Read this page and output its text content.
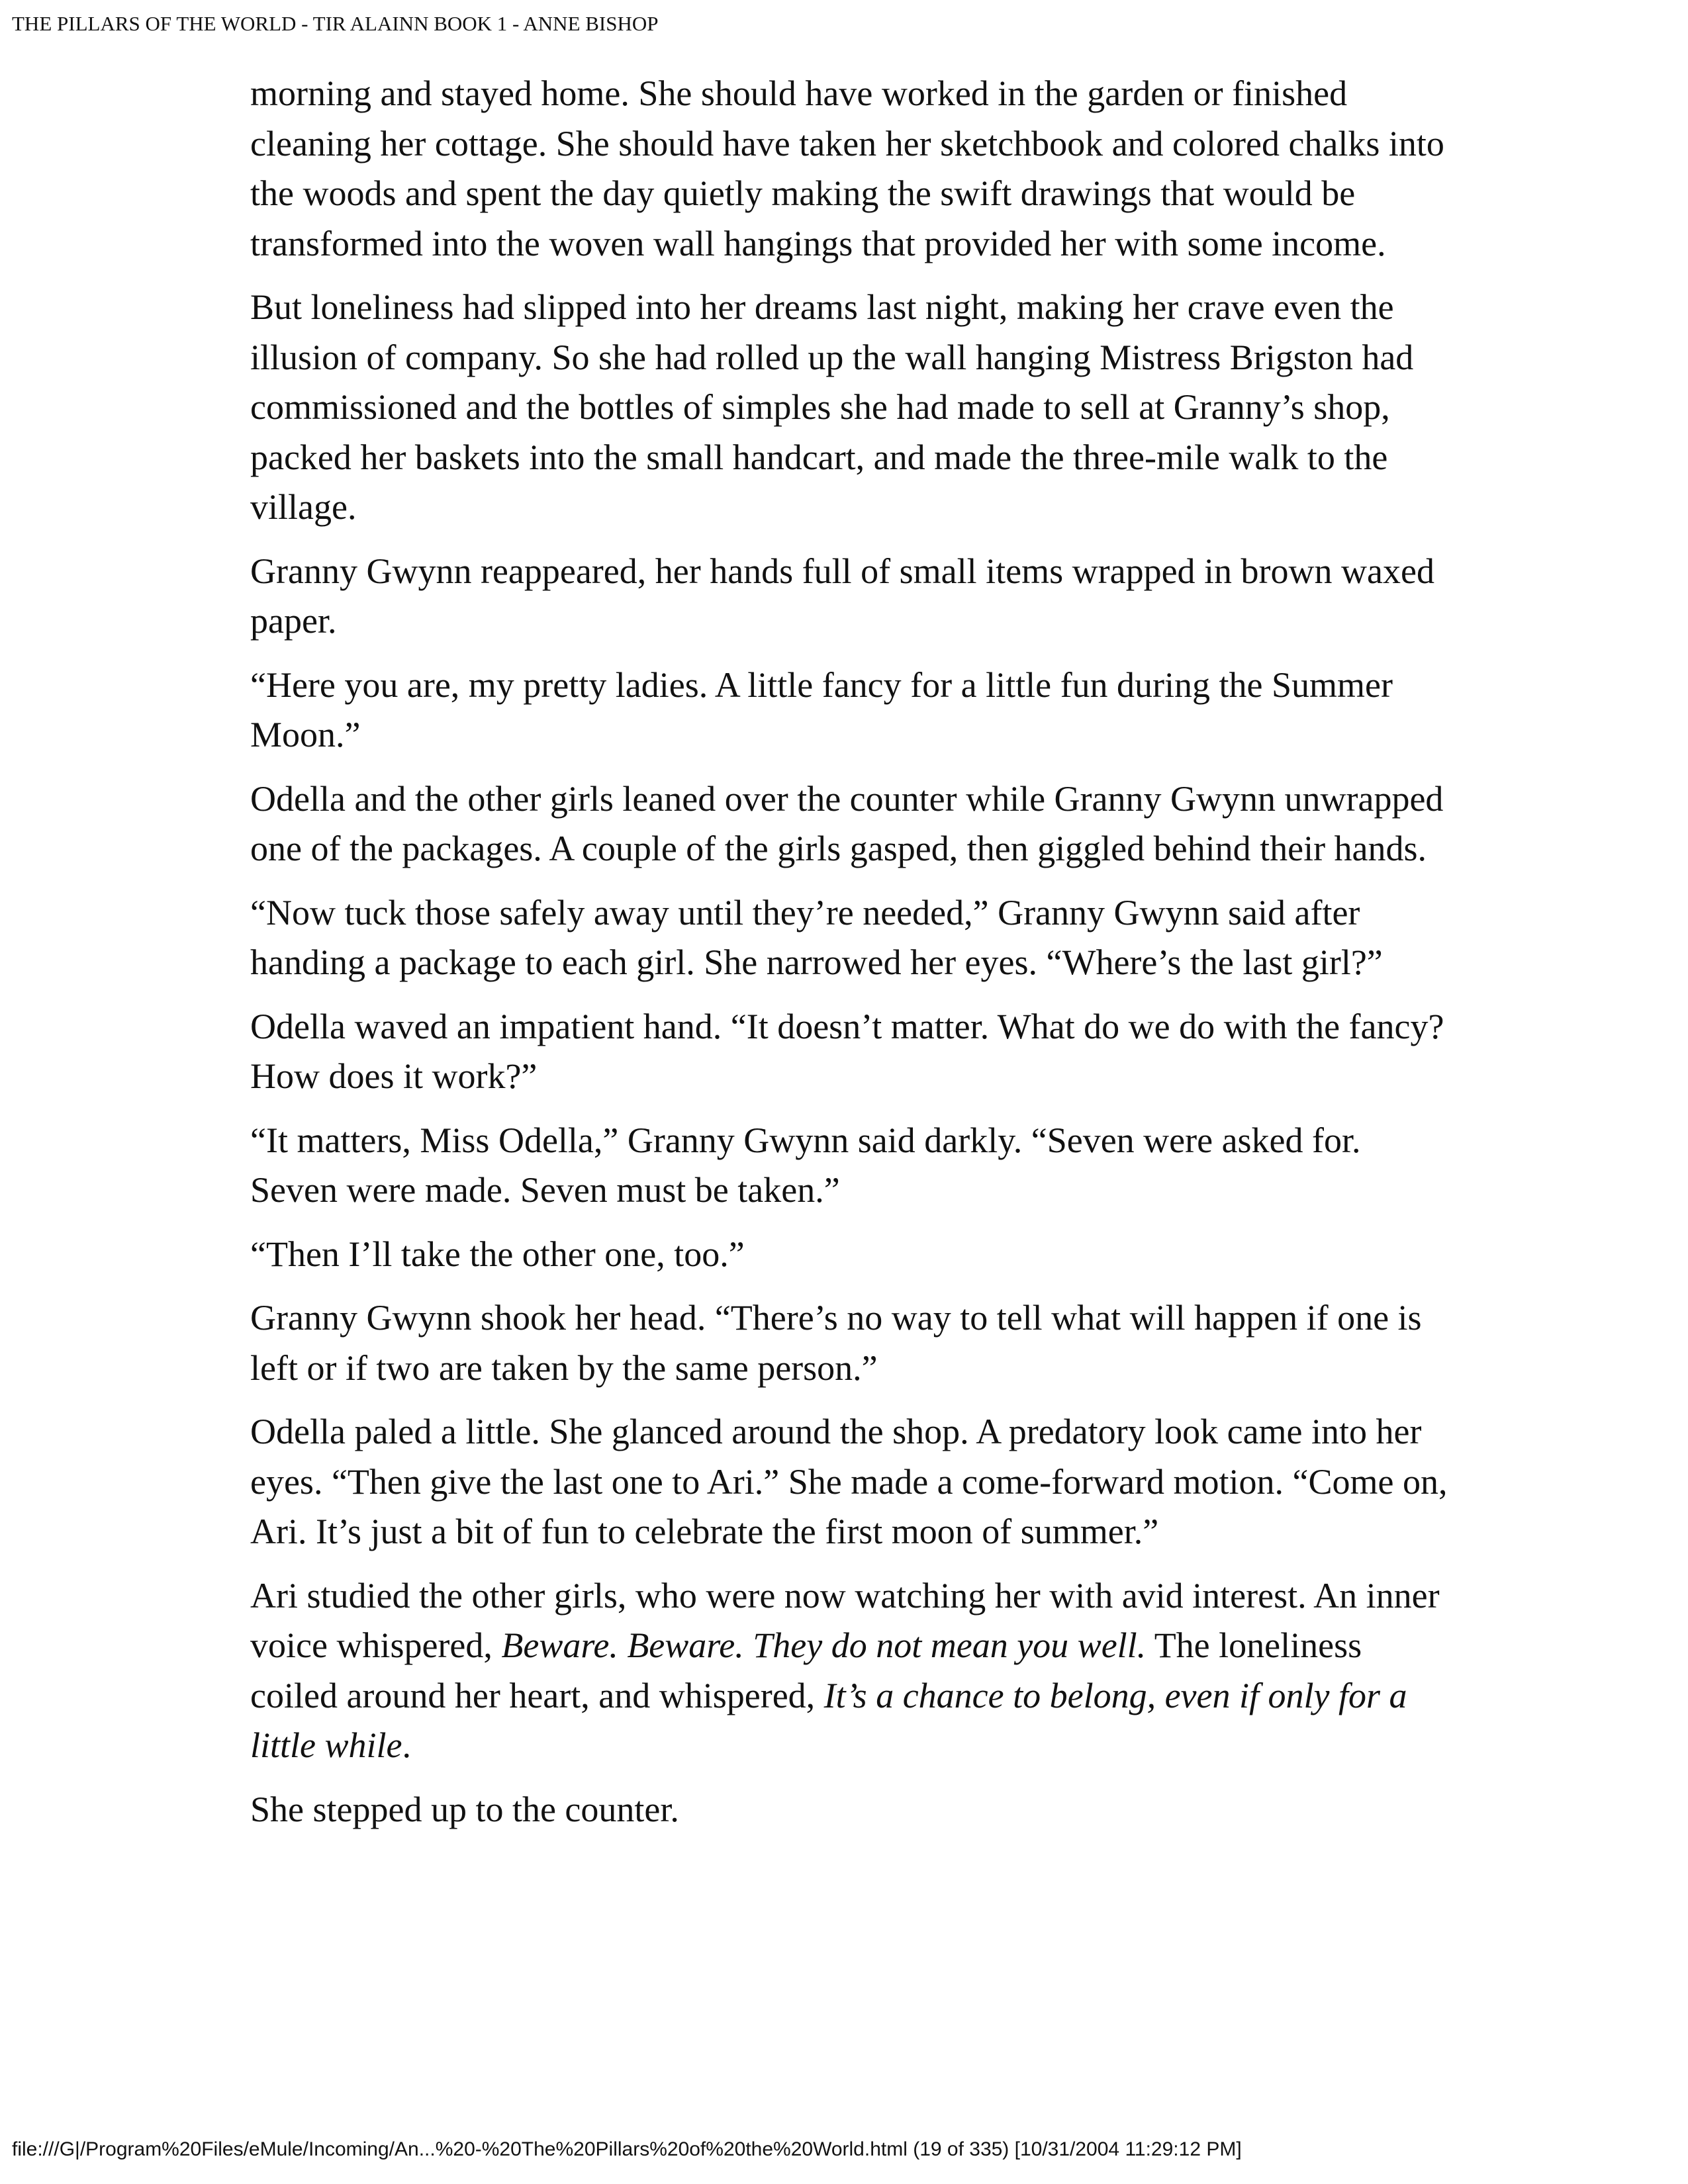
THE PILLARS OF THE WORLD - TIR ALAINN BOOK 1 - ANNE BISHOP

morning and stayed home. She should have worked in the garden or finished cleaning her cottage. She should have taken her sketchbook and colored chalks into the woods and spent the day quietly making the swift drawings that would be transformed into the woven wall hangings that provided her with some income.

But loneliness had slipped into her dreams last night, making her crave even the illusion of company. So she had rolled up the wall hanging Mistress Brigston had commissioned and the bottles of simples she had made to sell at Granny’s shop, packed her baskets into the small handcart, and made the three-mile walk to the village.

Granny Gwynn reappeared, her hands full of small items wrapped in brown waxed paper.

“Here you are, my pretty ladies. A little fancy for a little fun during the Summer Moon.”

Odella and the other girls leaned over the counter while Granny Gwynn unwrapped one of the packages. A couple of the girls gasped, then giggled behind their hands.

“Now tuck those safely away until they’re needed,” Granny Gwynn said after handing a package to each girl. She narrowed her eyes. “Where’s the last girl?”

Odella waved an impatient hand. “It doesn’t matter. What do we do with the fancy? How does it work?”

“It matters, Miss Odella,” Granny Gwynn said darkly. “Seven were asked for. Seven were made. Seven must be taken.”

“Then I’ll take the other one, too.”

Granny Gwynn shook her head. “There’s no way to tell what will happen if one is left or if two are taken by the same person.”

Odella paled a little. She glanced around the shop. A predatory look came into her eyes. “Then give the last one to Ari.” She made a come-forward motion. “Come on, Ari. It’s just a bit of fun to celebrate the first moon of summer.”

Ari studied the other girls, who were now watching her with avid interest. An inner voice whispered, Beware. Beware. They do not mean you well. The loneliness coiled around her heart, and whispered, It’s a chance to belong, even if only for a little while.

She stepped up to the counter.

file:///G|/Program%20Files/eMule/Incoming/An...%20-%20The%20Pillars%20of%20the%20World.html (19 of 335) [10/31/2004 11:29:12 PM]
